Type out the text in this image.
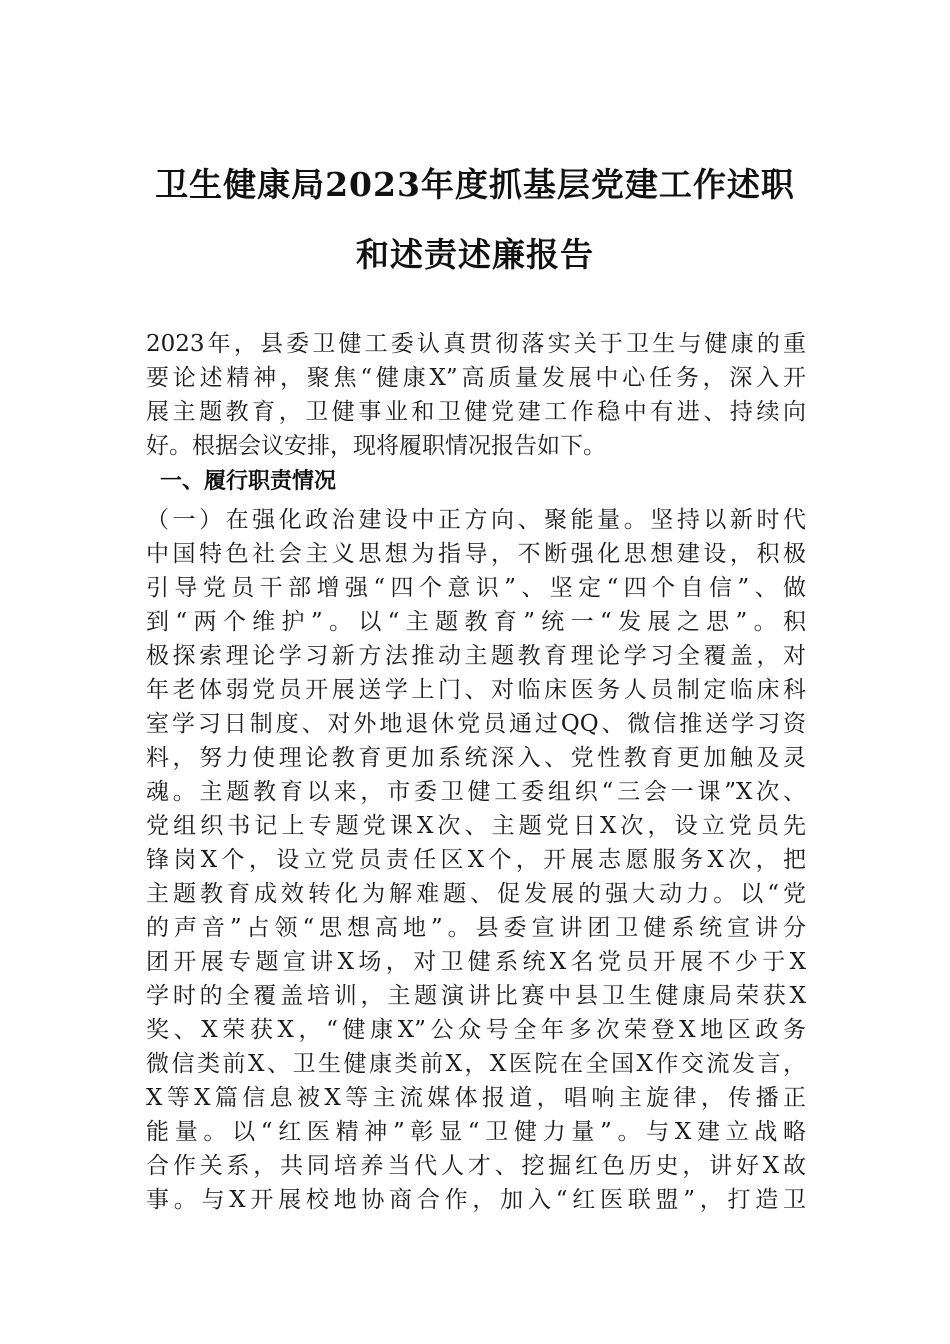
卫生健康局2023年度抓基层党建工作述职
和述责述廉报告
2023年，县委卫健工委认真贯彻落实关于卫生与健康的重
要论述精神，聚焦“健康X”高质量发展中心任务，深入开
展主题教育，卫健事业和卫健党建工作稳中有进、持续向
好。根据会议安排，现将履职情况报告如下。
一、履行职责情况
（一）在强化政治建设中正方向、聚能量。坚持以新时代
中国特色社会主义思想为指导，不断强化思想建设，积极
引导党员干部增强“四个意识”、坚定“四个自信”、做
到“两个维护”。以“主题教育”统一“发展之思”。积
极探索理论学习新方法推动主题教育理论学习全覆盖，对
年老体弱党员开展送学上门、对临床医务人员制定临床科
室学习日制度、对外地退休党员通过QQ、微信推送学习资
料，努力使理论教育更加系统深入、党性教育更加触及灵
魂。主题教育以来，市委卫健工委组织“三会一课”X次、
党组织书记上专题党课X次、主题党日X次，设立党员先
锋岗X个，设立党员责任区X个，开展志愿服务X次，把
主题教育成效转化为解难题、促发展的强大动力。以“党
的声音”占领“思想高地”。县委宣讲团卫健系统宣讲分
团开展专题宣讲X场，对卫健系统X名党员开展不少于X
学时的全覆盖培训，主题演讲比赛中县卫生健康局荣获X
奖、X荣获X，“健康X”公众号全年多次荣登X地区政务
微信类前X、卫生健康类前X，X医院在全国X作交流发言，
X等X篇信息被X等主流媒体报道，唱响主旋律，传播正
能量。以“红医精神”彰显“卫健力量”。与X建立战略
合作关系，共同培养当代人才、挖掘红色历史，讲好X故
事。与X开展校地协商合作，加入“红医联盟”，打造卫
